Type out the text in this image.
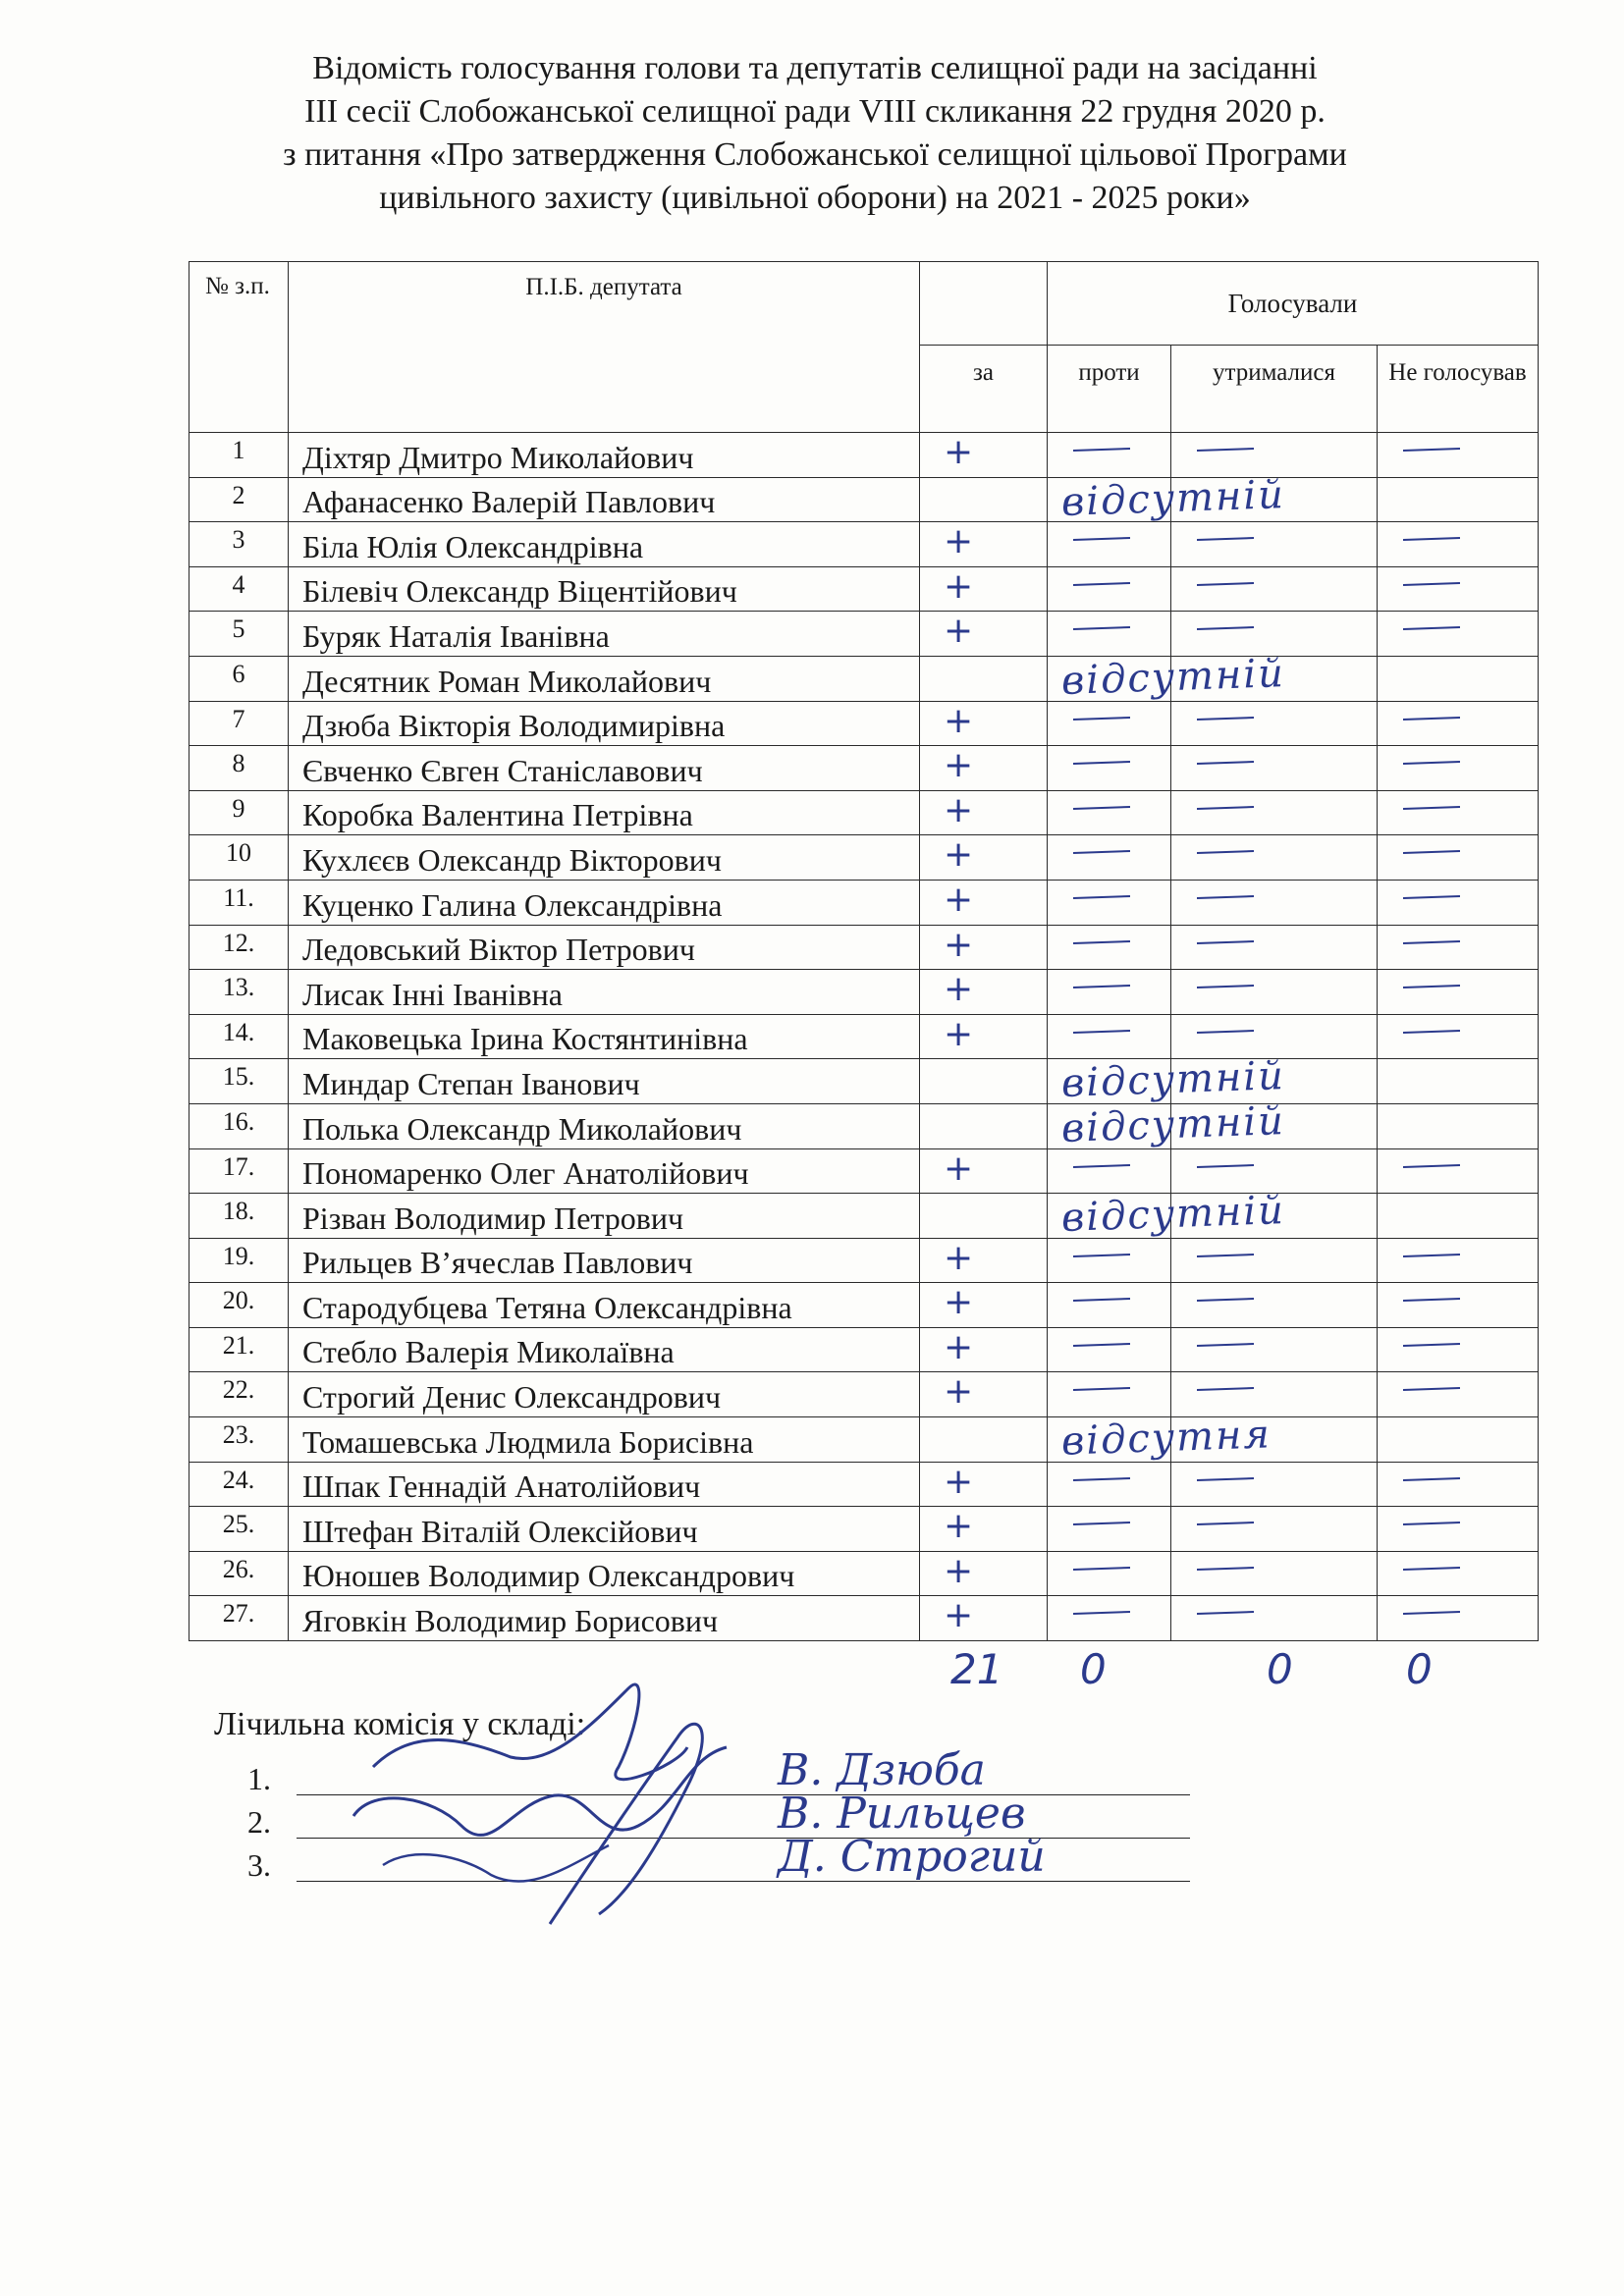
Відомість голосування голови та депутатів селищної ради на засіданні
ІІІ сесії Слобожанської селищної ради VІІІ скликання 22 грудня 2020 р.
з питання «Про затвердження Слобожанської селищної цільової Програми
цивільного захисту (цивільної оборони) на 2021 - 2025 роки»
№ з.п.	П.І.Б. депутата		Голосували		
		за	проти	утрималися	Не голосував
1	Діхтяр Дмитро Миколайович	+			

2	Афанасенко Валерій Павлович		відсутній		

3	Біла Юлія Олександрівна	+			

4	Білевіч Олександр Віцентійович	+			

5	Буряк Наталія Іванівна	+			

6	Десятник Роман Миколайович		відсутній		

7	Дзюба Вікторія Володимирівна	+			

8	Євченко Євген Станіславович	+			

9	Коробка Валентина Петрівна	+			

10	Кухлєєв Олександр Вікторович	+			

11.	Куценко Галина Олександрівна	+			

12.	Ледовський Віктор Петрович	+			

13.	Лисак Інні Іванівна	+			

14.	Маковецька Ірина Костянтинівна	+			

15.	Миндар Степан Іванович		відсутній		

16.	Полька Олександр Миколайович		відсутній		

17.	Пономаренко Олег Анатолійович	+			

18.	Різван Володимир Петрович		відсутній		

19.	Рильцев В’ячеслав Павлович	+			

20.	Стародубцева Тетяна Олександрівна	+			

21.	Стебло Валерія Миколаївна	+			

22.	Строгий Денис Олександрович	+			

23.	Томашевська Людмила Борисівна		відсутня		

24.	Шпак Геннадій Анатолійович	+			

25.	Штефан Віталій Олексійович	+			

26.	Юношев Володимир Олександрович	+			

27.	Яговкін Володимир Борисович	+			

21 0	0	0
Лічильна комісія у складі:
1.
2.
3.
В. Дзюба
В. Рильцев
Д. Строгий
